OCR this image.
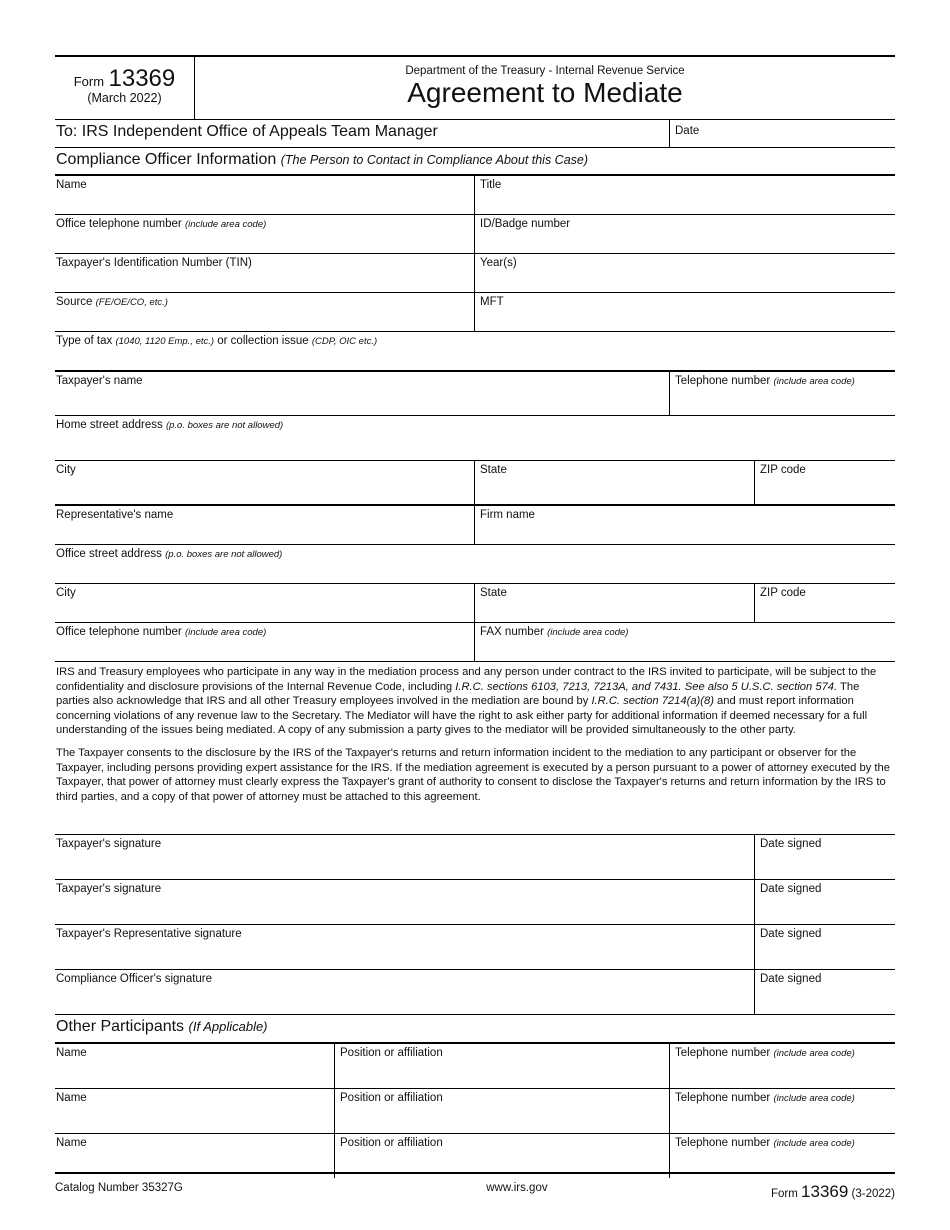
Form 13369
(March 2022)
Department of the Treasury - Internal Revenue Service
Agreement to Mediate
To: IRS Independent Office of Appeals Team Manager	Date
Compliance Officer Information (The Person to Contact in Compliance About this Case)
Name	Title
Office telephone number (include area code)	ID/Badge number
Taxpayer's Identification Number (TIN)	Year(s)
Source (FE/OE/CO, etc.)	MFT
Type of tax (1040, 1120 Emp., etc.) or collection issue (CDP, OIC etc.)
Taxpayer's name	Telephone number (include area code)
Home street address (p.o. boxes are not allowed)
City	State	ZIP code
Representative's name	Firm name
Office street address (p.o. boxes are not allowed)
City	State	ZIP code
Office telephone number (include area code)	FAX number (include area code)

IRS and Treasury employees who participate in any way in the mediation process and any person under contract to the IRS invited to participate, will be subject to the confidentiality and disclosure provisions of the Internal Revenue Code, including I.R.C. sections 6103, 7213, 7213A, and 7431. See also 5 U.S.C. section 574. The parties also acknowledge that IRS and all other Treasury employees involved in the mediation are bound by I.R.C. section 7214(a)(8) and must report information concerning violations of any revenue law to the Secretary. The Mediator will have the right to ask either party for additional information if deemed necessary for a full understanding of the issues being mediated. A copy of any submission a party gives to the mediator will be provided simultaneously to the other party.

The Taxpayer consents to the disclosure by the IRS of the Taxpayer's returns and return information incident to the mediation to any participant or observer for the Taxpayer, including persons providing expert assistance for the IRS. If the mediation agreement is executed by a person pursuant to a power of attorney executed by the Taxpayer, that power of attorney must clearly express the Taxpayer's grant of authority to consent to disclose the Taxpayer's returns and return information by the IRS to third parties, and a copy of that power of attorney must be attached to this agreement.

Taxpayer's signature	Date signed
Taxpayer's signature	Date signed
Taxpayer's Representative signature	Date signed
Compliance Officer's signature	Date signed
Other Participants (If Applicable)
Name	Position or affiliation	Telephone number (include area code)
Name	Position or affiliation	Telephone number (include area code)
Name	Position or affiliation	Telephone number (include area code)
Catalog Number 35327G	www.irs.gov	Form 13369 (3-2022)
